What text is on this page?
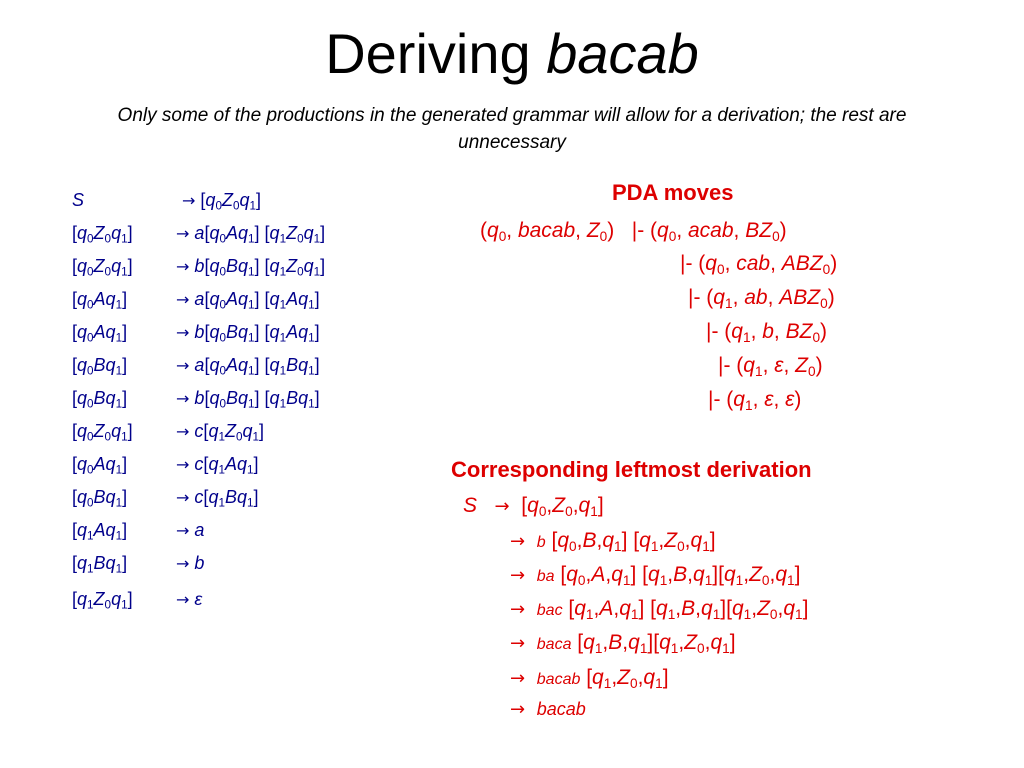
Deriving bacab
Only some of the productions in the generated grammar will allow for a derivation; the rest are unnecessary
S	→ $[q_0Z_0q_1]$
$[q_0Z_0q_1]$	→ $a[q_0Aq_1]$ $[q_1Z_0q_1]$
$[q_0Z_0q_1]$	→ $b[q_0Bq_1]$ $[q_1Z_0q_1]$
$[q_0Aq_1]$	→ $a[q_0Aq_1]$ $[q_1Aq_1]$
$[q_0Aq_1]$	→ $b[q_0Bq_1]$ $[q_1Aq_1]$
$[q_0Bq_1]$	→ $a[q_0Aq_1]$ $[q_1Bq_1]$
$[q_0Bq_1]$	→ $b[q_0Bq_1]$ $[q_1Bq_1]$
$[q_0Z_0q_1]$	→ $c[q_1Z_0q_1]$
$[q_0Aq_1]$	→ $c[q_1Aq_1]$
$[q_0Bq_1]$	→ $c[q_1Bq_1]$
$[q_1Aq_1]$	→ a
$[q_1Bq_1]$	→ b
$[q_1Z_0q_1]$	→ ε
PDA moves
($q_0$, bacab, $Z_0$)   |- ($q_0$, acab, $BZ_0$)
|- ($q_0$, cab, $ABZ_0$)
|- ($q_1$, ab, $ABZ_0$)
|- ($q_1$, b, $BZ_0$)
|- ($q_1$, ε, $Z_0$)
|- ($q_1$, ε, ε)
Corresponding leftmost derivation
$S \to [q_0,Z_0,q_1]$
→ b $[q_0,B,q_1]$ $[q_1,Z_0,q_1]$
→ ba $[q_0,A,q_1]$ $[q_1,B,q_1][q_1,Z_0,q_1]$
→ bac $[q_1,A,q_1]$ $[q_1,B,q_1][q_1,Z_0,q_1]$
→ baca $[q_1,B,q_1][q_1,Z_0,q_1]$
→ bacab $[q_1,Z_0,q_1]$
→ bacab
